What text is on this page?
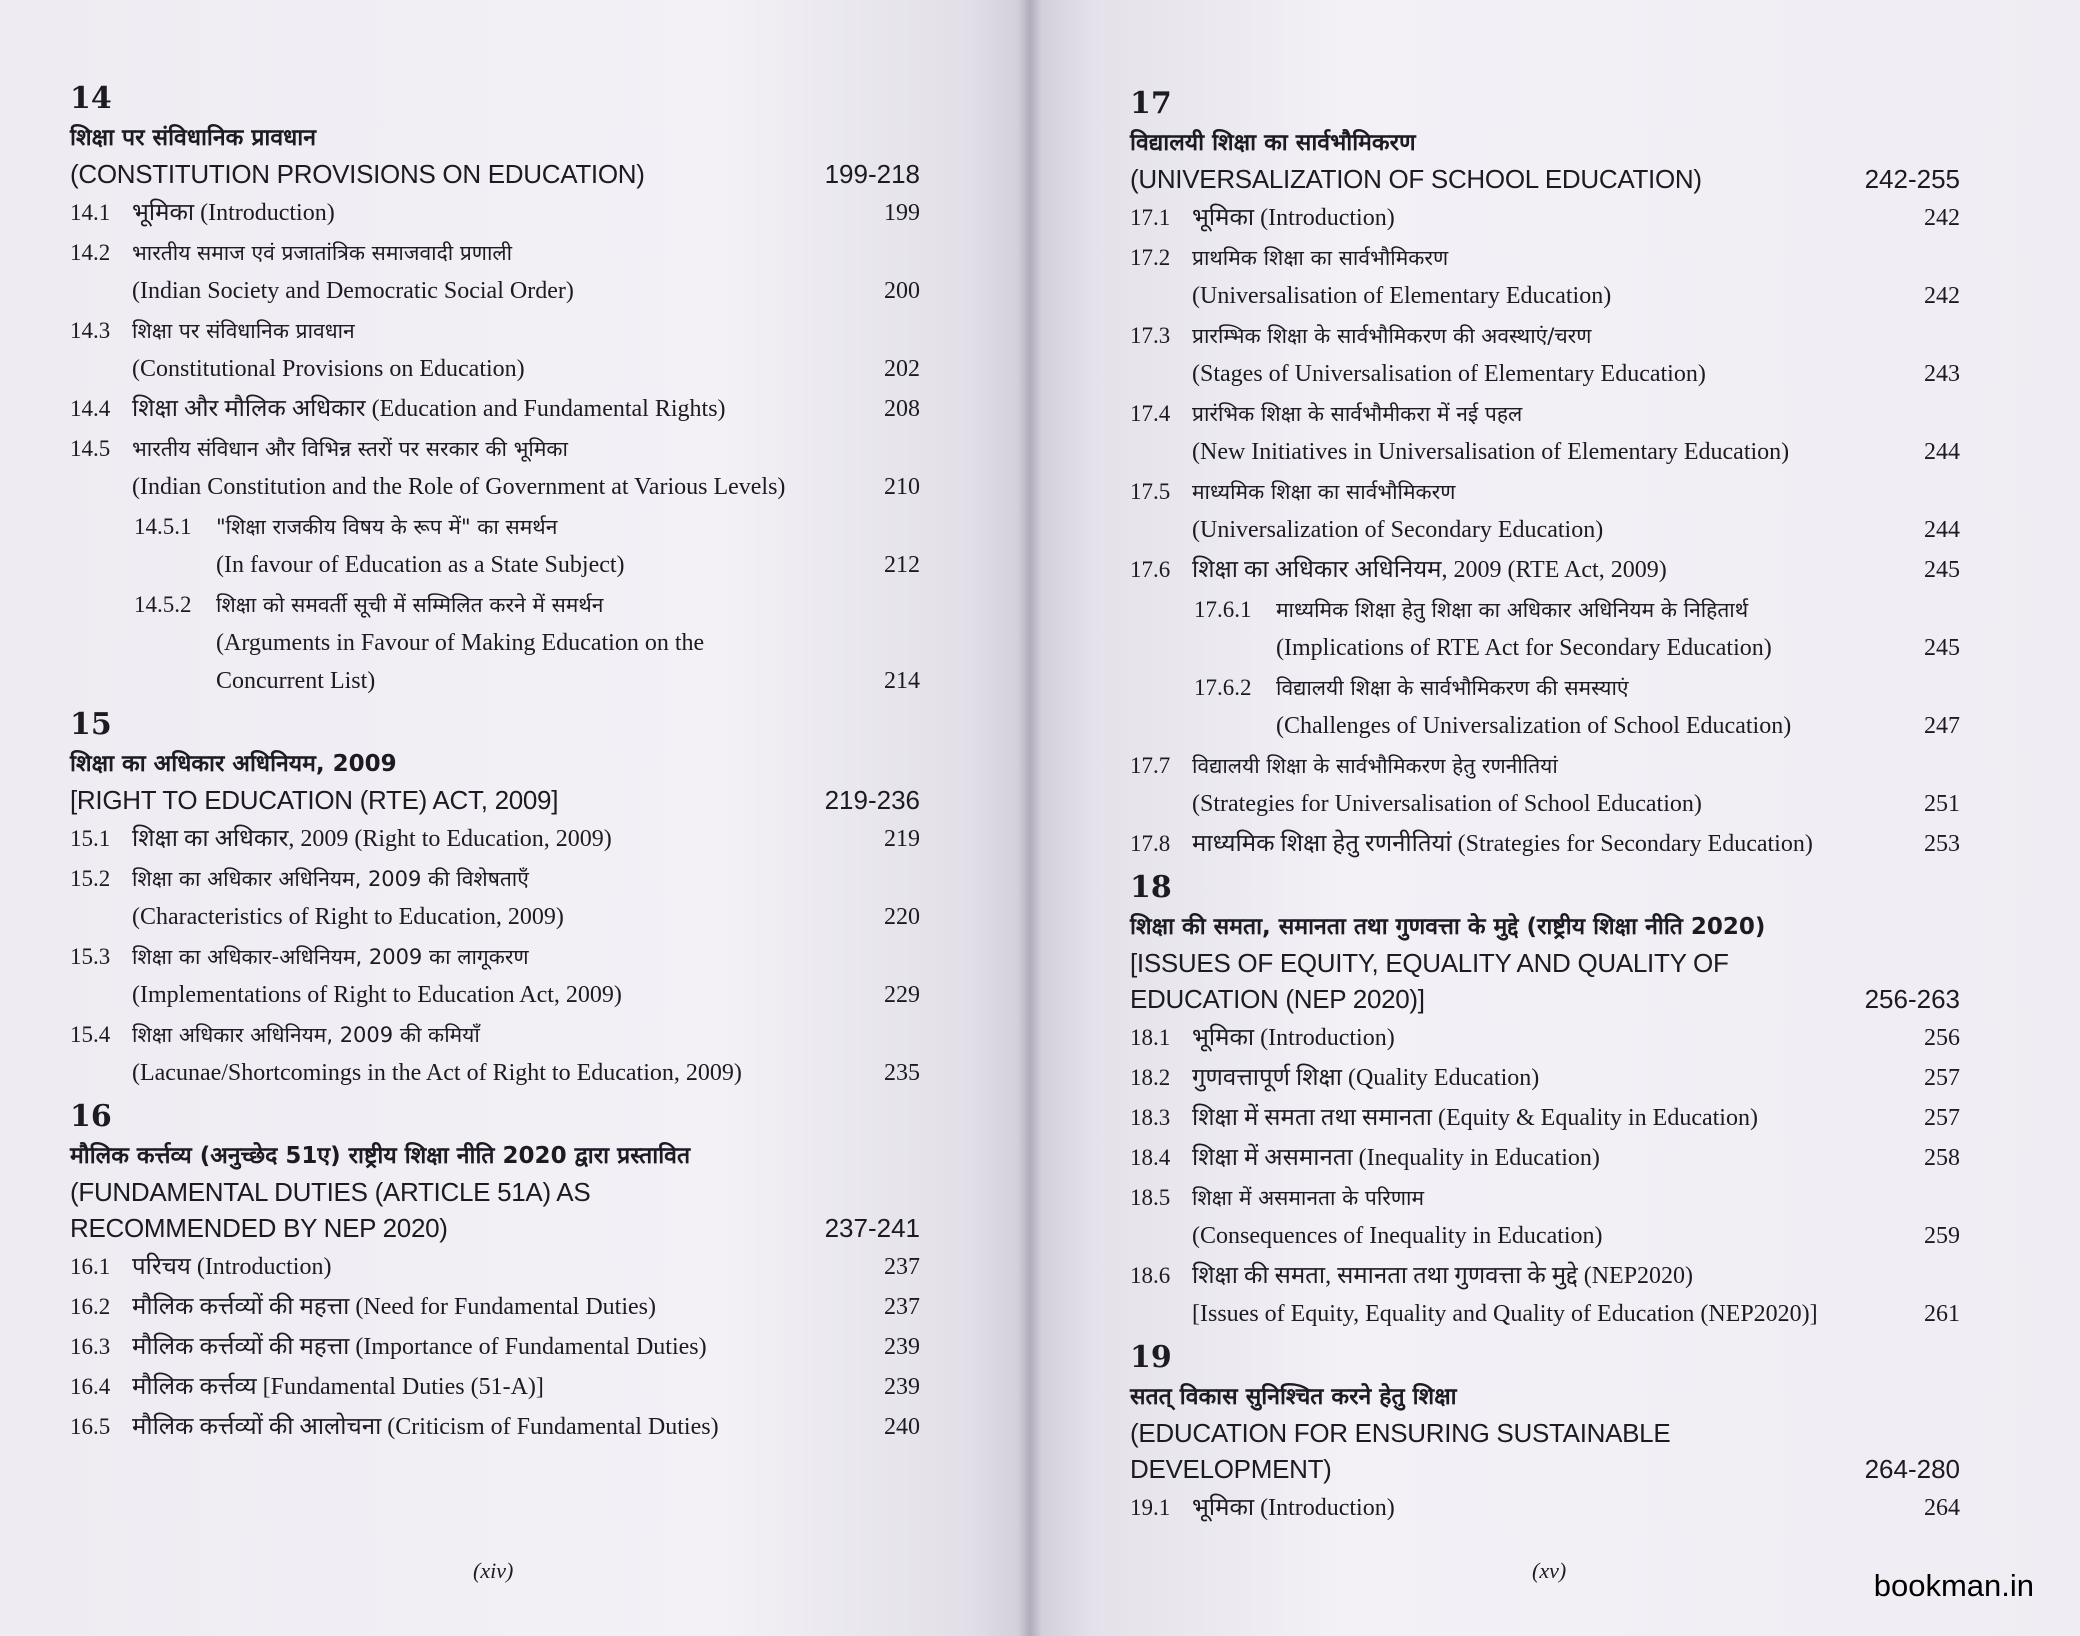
14
शिक्षा पर संविधानिक प्रावधान
(CONSTITUTION PROVISIONS ON EDUCATION)	199-218
14.1 भूमिका (Introduction)	199
14.2	भारतीय समाज एवं प्रजातांत्रिक समाजवादी प्रणाली
(Indian Society and Democratic Social Order)	200
14.3	शिक्षा पर संविधानिक प्रावधान
(Constitutional Provisions on Education)	202
14.4 शिक्षा और मौलिक अधिकार (Education and Fundamental Rights)	208
14.5	भारतीय संविधान और विभिन्न स्तरों पर सरकार की भूमिका
(Indian Constitution and the Role of Government at Various Levels)	210
14.5.1	"शिक्षा राजकीय विषय के रूप में" का समर्थन
(In favour of Education as a State Subject)	212
14.5.2	शिक्षा को समवर्ती सूची में सम्मिलित करने में समर्थन
(Arguments in Favour of Making Education on the
Concurrent List)	214
15
शिक्षा का अधिकार अधिनियम, 2009
[RIGHT TO EDUCATION (RTE) ACT, 2009]	219-236
15.1 शिक्षा का अधिकार, 2009 (Right to Education, 2009)	219
15.2	शिक्षा का अधिकार अधिनियम, 2009 की विशेषताएँ
(Characteristics of Right to Education, 2009)	220
15.3	शिक्षा का अधिकार-अधिनियम, 2009 का लागूकरण
(Implementations of Right to Education Act, 2009)	229
15.4	शिक्षा अधिकार अधिनियम, 2009 की कमियाँ
(Lacunae/Shortcomings in the Act of Right to Education, 2009)	235
16
मौलिक कर्त्तव्य (अनुच्छेद 51ए) राष्ट्रीय शिक्षा नीति 2020 द्वारा प्रस्तावित
(FUNDAMENTAL DUTIES (ARTICLE 51A) AS
RECOMMENDED BY NEP 2020)	237-241
16.1 परिचय (Introduction)	237
16.2 मौलिक कर्त्तव्यों की महत्ता (Need for Fundamental Duties)	237
16.3 मौलिक कर्त्तव्यों की महत्ता (Importance of Fundamental Duties)	239
16.4 मौलिक कर्त्तव्य [Fundamental Duties (51-A)]	239
16.5 मौलिक कर्त्तव्यों की आलोचना (Criticism of Fundamental Duties)	240
17
विद्यालयी शिक्षा का सार्वभौमिकरण
(UNIVERSALIZATION OF SCHOOL EDUCATION)	242-255
17.1 भूमिका (Introduction)	242
17.2	प्राथमिक शिक्षा का सार्वभौमिकरण
(Universalisation of Elementary Education)	242
17.3	प्रारम्भिक शिक्षा के सार्वभौमिकरण की अवस्थाएं/चरण
(Stages of Universalisation of Elementary Education)	243
17.4	प्रारंभिक शिक्षा के सार्वभौमीकरा में नई पहल
(New Initiatives in Universalisation of Elementary Education)	244
17.5	माध्यमिक शिक्षा का सार्वभौमिकरण
(Universalization of Secondary Education)	244
17.6 शिक्षा का अधिकार अधिनियम, 2009 (RTE Act, 2009)	245
17.6.1	माध्यमिक शिक्षा हेतु शिक्षा का अधिकार अधिनियम के निहितार्थ
(Implications of RTE Act for Secondary Education)	245
17.6.2	विद्यालयी शिक्षा के सार्वभौमिकरण की समस्याएं
(Challenges of Universalization of School Education)	247
17.7	विद्यालयी शिक्षा के सार्वभौमिकरण हेतु रणनीतियां
(Strategies for Universalisation of School Education)	251
17.8 माध्यमिक शिक्षा हेतु रणनीतियां (Strategies for Secondary Education)	253
18
शिक्षा की समता, समानता तथा गुणवत्ता के मुद्दे (राष्ट्रीय शिक्षा नीति 2020)
[ISSUES OF EQUITY, EQUALITY AND QUALITY OF
EDUCATION (NEP 2020)]	256-263
18.1 भूमिका (Introduction)	256
18.2 गुणवत्तापूर्ण शिक्षा (Quality Education)	257
18.3 शिक्षा में समता तथा समानता (Equity & Equality in Education)	257
18.4 शिक्षा में असमानता (Inequality in Education)	258
18.5	शिक्षा में असमानता के परिणाम
(Consequences of Inequality in Education)	259
18.6 शिक्षा की समता, समानता तथा गुणवत्ता के मुद्दे (NEP2020)
[Issues of Equity, Equality and Quality of Education (NEP2020)]	261
19
सतत् विकास सुनिश्चित करने हेतु शिक्षा
(EDUCATION FOR ENSURING SUSTAINABLE DEVELOPMENT)	264-280
19.1 भूमिका (Introduction)	264
(xiv)	(xv)	bookman.in
